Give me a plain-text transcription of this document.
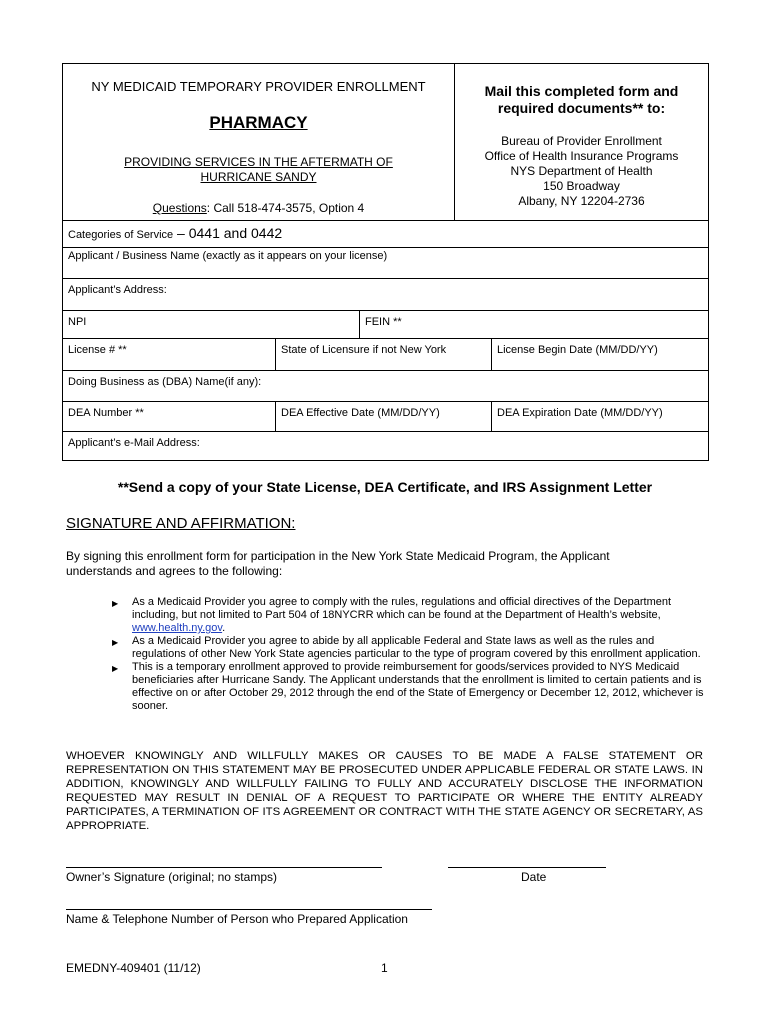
NY MEDICAID TEMPORARY PROVIDER ENROLLMENT
PHARMACY
PROVIDING SERVICES IN THE AFTERMATH OF
HURRICANE SANDY
Questions: Call 518-474-3575, Option 4
Mail this completed form and
required documents** to:
Bureau of Provider Enrollment
Office of Health Insurance Programs
NYS Department of Health
150 Broadway
Albany, NY 12204-2736
Categories of Service – 0441 and 0442
Applicant / Business Name (exactly as it appears on your license)
Applicant’s Address:
NPI	FEIN **
License # **	State of Licensure if not New York	License Begin Date (MM/DD/YY)
Doing Business as (DBA) Name(if any):
DEA Number **	DEA Effective Date (MM/DD/YY)	DEA Expiration Date (MM/DD/YY)
Applicant’s e-Mail Address:
**Send a copy of your State License, DEA Certificate, and IRS Assignment Letter
SIGNATURE AND AFFIRMATION:
By signing this enrollment form for participation in the New York State Medicaid Program, the Applicant understands and agrees to the following:
▶ As a Medicaid Provider you agree to comply with the rules, regulations and official directives of the Department including, but not limited to Part 504 of 18NYCRR which can be found at the Department of Health’s website,
www.health.ny.gov.
▶ As a Medicaid Provider you agree to abide by all applicable Federal and State laws as well as the rules and regulations of other New York State agencies particular to the type of program covered by this enrollment application.
▶ This is a temporary enrollment approved to provide reimbursement for goods/services provided to NYS Medicaid beneficiaries after Hurricane Sandy. The Applicant understands that the enrollment is limited to certain patients and is effective on or after October 29, 2012 through the end of the State of Emergency or December 12, 2012, whichever is sooner.
WHOEVER KNOWINGLY AND WILLFULLY MAKES OR CAUSES TO BE MADE A FALSE STATEMENT OR REPRESENTATION ON THIS STATEMENT MAY BE PROSECUTED UNDER APPLICABLE FEDERAL OR STATE LAWS. IN ADDITION, KNOWINGLY AND WILLFULLY FAILING TO FULLY AND ACCURATELY DISCLOSE THE INFORMATION REQUESTED MAY RESULT IN DENIAL OF A REQUEST TO PARTICIPATE OR WHERE THE ENTITY ALREADY PARTICIPATES, A TERMINATION OF ITS AGREEMENT OR CONTRACT WITH THE STATE AGENCY OR SECRETARY, AS APPROPRIATE.
Owner’s Signature (original; no stamps)	Date
Name & Telephone Number of Person who Prepared Application
EMEDNY-409401 (11/12)	1
